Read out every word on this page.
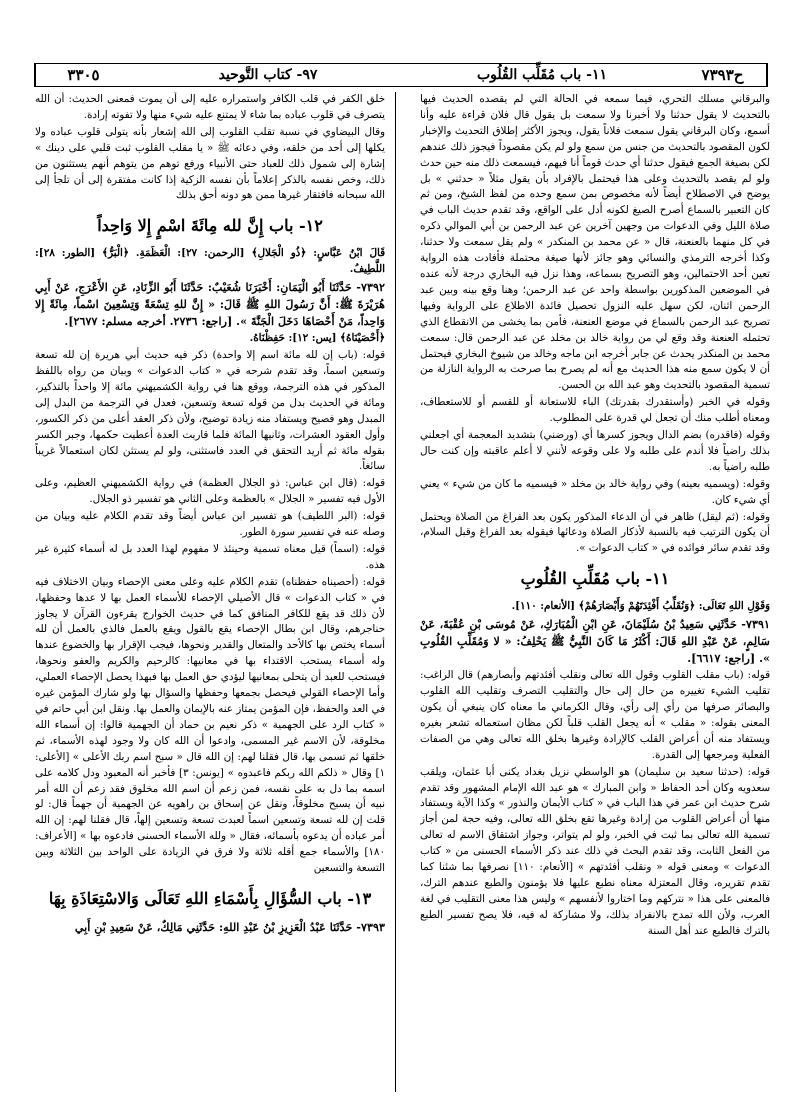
ح٧٣٩٣
١١- باب مُقَلِّب القُلُوب
٩٧- كتاب التَّوحيد
٣٣٠٥

والبرقاني مسلك التحري، فيما سمعه في الحالة التي لم يقصده الحديث فيها بالتحديث لا يقول حدثنا ولا أخبرنا ولا سمعت بل يقول قال فلان قراءة عليه وأنا أسمع، وكان البرقاني يقول سمعت فلاناً يقول، ويجوز الأكثر إطلاق التحديث والإخبار لكون المقصود بالتحديث من جنس من سمع ولو لم يكن مقصوداً فيجوز ذلك عندهم لكن بصيغة الجمع فيقول حدثنا أي حدث قوماً أنا فيهم، فيسمعت ذلك منه حين حدث ولو لم يقصد بالتحديث وعلى هذا فيحتمل بالإفراد بأن يقول مثلاً « حدثني » بل يوضح في الاصطلاح أيضاً لأنه مخصوص بمن سمع وحده من لفظ الشيخ، ومن ثم كان التعبير بالسماع أصرح الصيغ لكونه أدل على الواقع، وقد تقدم حديث الباب في صلاة الليل وفي الدعوات من وجهين آخرين عن عبد الرحمن بن أبي الموالي ذكره في كل منهما بالعنعنة، قال « عن محمد بن المنكدر » ولم يقل سمعت ولا حدثنا، وكذا أخرجه الترمذي والنسائي وهو جائز لأنها صيغة محتملة فأفادت هذه الرواية تعين أحد الاحتمالين، وهو التصريح بسماعه، وهذا نزل فيه البخاري درجة لأنه عنده في الموضعين المذكورين بواسطة واحد عن عبد الرحمن؛ وهنا وقع بينه وبين عبد الرحمن اثنان، لكن سهل عليه النزول تحصيل فائدة الاطلاع على الرواية وفيها تصريح عبد الرحمن بالسماع في موضع العنعنة، فأمن بما يخشى من الانقطاع الذي تحتمله العنعنة وقد وقع لي من رواية خالد بن مخلد عن عبد الرحمن قال: سمعت محمد بن المنكدر يحدث عن جابر أخرجه ابن ماجه وخالد من شيوخ البخاري فيحتمل أن لا يكون سمع منه هذا الحديث مع أنه لم يصرح بما صرحت به الرواية النازلة من تسمية المقصود بالتحديث وهو عبد الله بن الحسن.

وقوله في الخبر (وأستقدرك بقدرتك) الباء للاستعانة أو للقسم أو للاستعطاف، ومعناه أطلب منك أن تجعل لي قدرة على المطلوب.

وقوله (فاقدره) بضم الدال ويجوز كسرها أي (ورضني) بتشديد المعجمة أي اجعلني بذلك راضياً فلا أندم على طلبه ولا على وقوعه لأنني لا أعلم عاقبته وإن كنت حال طلبه راضياً به.

وقوله: (ويسميه بعينه) وفي رواية خالد بن مخلد « فيسميه ما كان من شيء » يعني أي شيء كان.

وقوله: (ثم ليقل) ظاهر في أن الدعاء المذكور يكون بعد الفراغ من الصلاة ويحتمل أن يكون الترتيب فيه بالنسبة لأذكار الصلاة ودعائها فيقوله بعد الفراغ وقبل السلام، وقد تقدم سائر فوائده في « كتاب الدعوات ».

١١- باب مُقَلِّبِ القُلُوبِ

وَقَوْلِ اللهِ تَعَالَى: ﴿وَنُقَلِّبُ أَفْئِدَتَهُمْ وَأَبْصَارَهُمْ﴾ [الأنعام: ١١٠].

٧٣٩١- حَدَّثَنِي سَعِيدُ بْنُ سُلَيْمَانَ، عَنِ ابْنِ الْمُبَارَكِ، عَنْ مُوسَى بْنِ عُقْبَةَ، عَنْ سَالِمٍ، عَنْ عَبْدِ اللهِ قَالَ: أَكْثَرُ مَا كَانَ النَّبِيُّ ﷺ يَحْلِفُ: « لا وَمُقَلِّبِ القُلُوبِ ». [راجع: ٦٦١٧].

قوله: (باب مقلب القلوب وقول الله تعالى ونقلب أفئدتهم وأبصارهم) قال الراغب: تقليب الشيء تغييره من حال إلى حال والتقليب التصرف وتقليب الله القلوب والبصائر صرفها من رأي إلى رأي، وقال الكرماني ما معناه كان ينبغي أن يكون المعنى بقوله: « مقلب » أنه يجعل القلب قلباً لكن مظان استعماله تشعر بغيره ويستفاد منه أن أعراض القلب كالإرادة وغيرها بخلق الله تعالى وهي من الصفات الفعلية ومرجعها إلى القدرة.

قوله: (حدثنا سعيد بن سليمان) هو الواسطي نزيل بغداد يكنى أبا عثمان، ويلقب سعدويه وكان أحد الحفاظ « وابن المبارك » هو عبد الله الإمام المشهور وقد تقدم شرح حديث ابن عمر في هذا الباب في « كتاب الأيمان والنذور » وكذا الآية ويستفاد منها أن أعراض القلوب من إرادة وغيرها تقع بخلق الله تعالى، وفيه حجة لمن أجاز تسمية الله تعالى بما ثبت في الخبر، ولو لم يتواتر، وجواز اشتقاق الاسم له تعالى من الفعل الثابت، وقد تقدم البحث في ذلك عند ذكر الأسماء الحسنى من « كتاب الدعوات » ومعنى قوله « ونقلب أفئدتهم » [الأنعام: ١١٠] نصرفها بما شئنا كما تقدم تقريره، وقال المعتزلة معناه نطبع عليها فلا يؤمنون والطبع عندهم الترك، فالمعنى على هذا « نتركهم وما اختاروا لأنفسهم » وليس هذا معنى التقليب في لغة العرب، ولأن الله تمدح بالانفراد بذلك، ولا مشاركة له فيه، فلا يصح تفسير الطبع بالترك فالطبع عند أهل السنة

خلق الكفر في قلب الكافر واستمراره عليه إلى أن يموت فمعنى الحديث: أن الله يتصرف في قلوب عباده بما شاء لا يمتنع عليه شيء منها ولا تفوته إرادة.

وقال البيضاوي في نسبة تقلب القلوب إلى الله إشعار بأنه يتولى قلوب عباده ولا يكلها إلى أحد من خلقه، وفي دعائه ﷺ « يا مقلب القلوب ثبت قلبي على دينك » إشارة إلى شمول ذلك للعباد حتى الأنبياء ورفع توهم من يتوهم أنهم يستثنون من ذلك، وخص نفسه بالذكر إعلاماً بأن نفسه الزكية إذا كانت مفتقرة إلى أن تلجأ إلى الله سبحانه فافتقار غيرها ممن هو دونه أحق بذلك

١٢- باب إِنَّ لله مِائَةَ اسْمٍ إِلا وَاحِداً

قَالَ ابْنُ عَبَّاسٍ: ﴿ذُو الْجَلالِ﴾ [الرحمن: ٢٧]: الْعَظَمَةِ. ﴿الْبَرُّ﴾ [الطور: ٢٨]: اللَّطِيفُ.

٧٣٩٢- حَدَّثَنَا أَبُو الْيَمَانِ: أَخْبَرَنَا شُعَيْبٌ: حَدَّثَنَا أَبُو الزِّنَادِ، عَنِ الأَعْرَجِ، عَنْ أَبِي هُرَيْرَةَ ﷺ: أَنَّ رَسُولَ اللهِ ﷺ قَالَ: « إِنَّ للهِ تِسْعَةً وَتِسْعِينَ اسْماً، مِائَةً إِلا وَاحِداً، مَنْ أَحْصَاهَا دَخَلَ الْجَنَّةَ ». [راجع: ٢٧٣٦. أخرجه مسلم: ٢٦٧٧].

﴿أَحْصَيْنَاهُ﴾ [يس: ١٢]: حَفِظْنَاهُ.

قوله: (باب إن لله مائة اسم إلا واحدة) ذكر فيه حديث أبي هريرة إن لله تسعة وتسعين اسماً، وقد تقدم شرحه في « كتاب الدعوات » وبيان من رواه باللفظ المذكور في هذه الترجمة، ووقع هنا في رواية الكشميهني مائة إلا واحداً بالتذكير، ومائة في الحديث بدل من قوله تسعة وتسعين، فعدل في الترجمة من البدل إلى المبدل وهو فصيح ويستفاد منه زيادة توضيح، ولأن ذكر العقد أعلى من ذكر الكسور، وأول العقود العشرات، وثانيها المائة فلما قاربت العدة أعطيت حكمها، وجبر الكسر بقوله مائة ثم أريد التحقق في العدد فاستثنى، ولو لم يستثن لكان استعمالاً غريباً سائغاً.

قوله: (قال ابن عباس: ذو الجلال العظمة) في رواية الكشميهني العظيم، وعلى الأول فيه تفسير « الجلال » بالعظمة وعلى الثاني هو تفسير ذو الجلال.

قوله: (البر اللطيف) هو تفسير ابن عباس أيضاً وقد تقدم الكلام عليه وبيان من وصله عنه في تفسير سورة الطور.

قوله: (اسماً) قيل معناه تسمية وحينئذ لا مفهوم لهذا العدد بل له أسماء كثيرة غير هذه.

قوله: (أحصيناه حفظناه) تقدم الكلام عليه وعلى معنى الإحصاء وبيان الاختلاف فيه في « كتاب الدعوات » قال الأصيلي الإحصاء للأسماء العمل بها لا عدها وحفظها، لأن ذلك قد يقع للكافر المنافق كما في حديث الخوارج يقرءون القرآن لا يجاوز حناجرهم، وقال ابن بطال الإحصاء يقع بالقول ويقع بالعمل فالذي بالعمل أن لله أسماء يختص بها كالأحد والمتعال والقدير ونحوها، فيجب الإقرار بها والخضوع عندها وله أسماء يستحب الاقتداء بها في معانيها: كالرحيم والكريم والعفو ونحوها، فيستحب للعبد أن يتحلى بمعانيها ليؤدي حق العمل بها فبهذا يحصل الإحصاء العملي، وأما الإحصاء القولي فيحصل بجمعها وحفظها والسؤال بها ولو شارك المؤمن غيره في العد والحفظ، فإن المؤمن يمتاز عنه بالإيمان والعمل بها. ونقل ابن أبي حاتم في « كتاب الرد على الجهمية » ذكر نعيم بن حماد أن الجهمية قالوا: إن أسماء الله مخلوقة، لأن الاسم غير المسمى، وادعوا أن الله كان ولا وجود لهذه الأسماء، ثم خلقها ثم تسمى بها، قال فقلنا لهم: إن الله قال « سبح اسم ربك الأعلى » [الأعلى: ١] وقال « ذلكم الله ربكم فاعبدوه » [يونس: ٣] فأخبر أنه المعبود ودل كلامه على اسمه بما دل به على نفسه، فمن زعم أن اسم الله مخلوق فقد زعم أن الله أمر نبيه أن يسبح مخلوقاً، ونقل عن إسحاق بن راهويه عن الجهمية أن جهماً قال: لو قلت إن لله تسعة وتسعين اسماً لعبدت تسعة وتسعين إلهاً، قال فقلنا لهم: إن الله أمر عباده أن يدعوه بأسمائه، فقال « ولله الأسماء الحسنى فادعوه بها » [الأعراف: ١٨٠] والأسماء جمع أقله ثلاثة ولا فرق في الزيادة على الواحد بين الثلاثة وبين التسعة والتسعين

١٣- باب السُّؤَالِ بِأَسْمَاءِ اللهِ تَعَالَى وَالاسْتِعَاذَةِ بِهَا

٧٣٩٣- حَدَّثَنَا عَبْدُ الْعَزِيزِ بْنُ عَبْدِ اللهِ: حَدَّثَنِي مَالِكٌ، عَنْ سَعِيدِ بْنِ أَبِي
